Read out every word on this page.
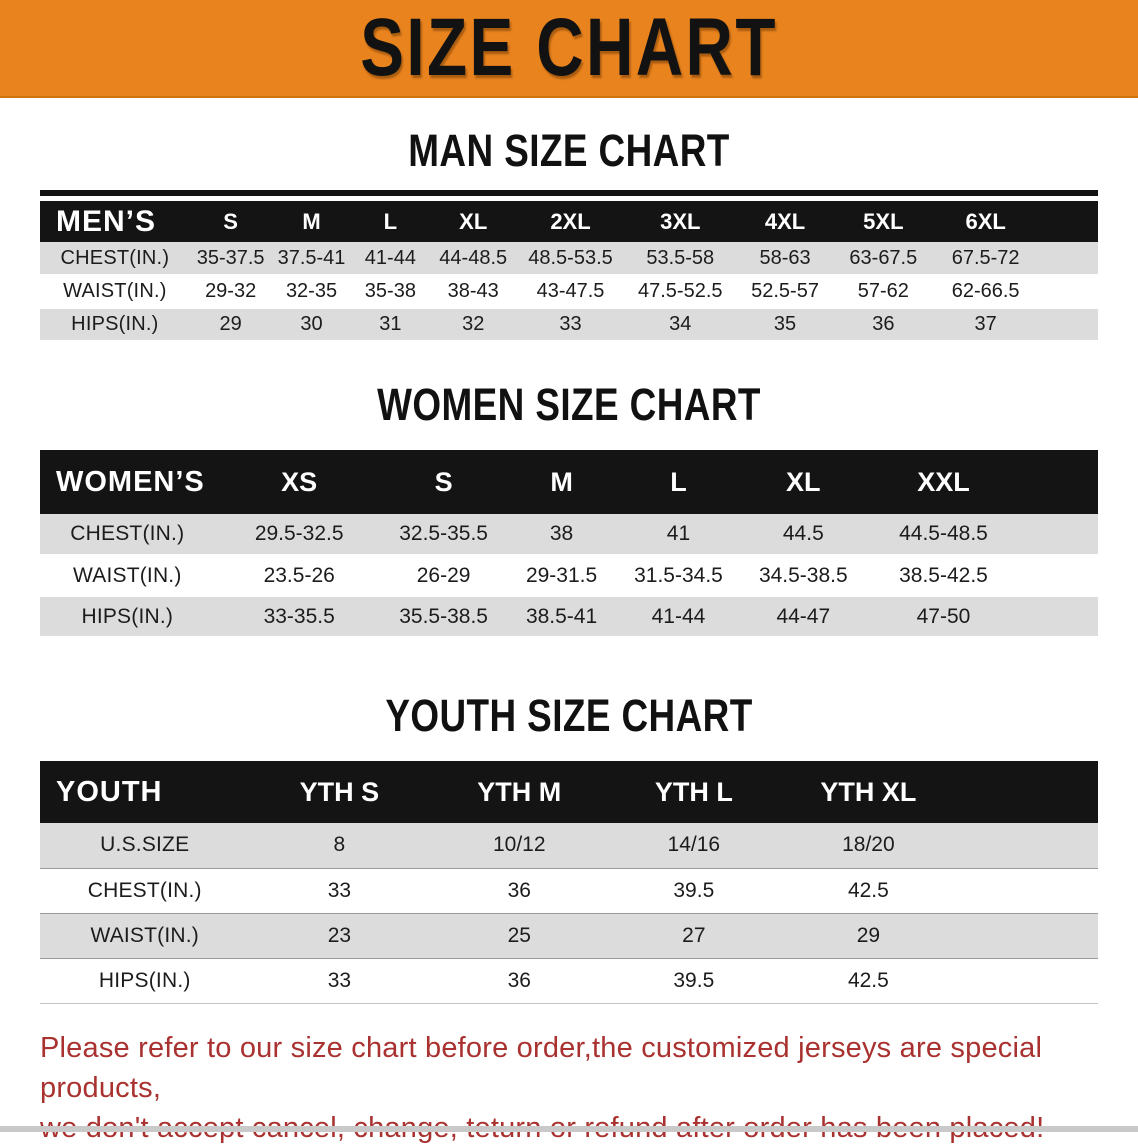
SIZE CHART
MAN SIZE CHART
MEN’S	S	M	L	XL	2XL	3XL	4XL	5XL	6XL	
CHEST(IN.)	35-37.5	37.5-41	41-44	44-48.5	48.5-53.5	53.5-58	58-63	63-67.5	67.5-72	
WAIST(IN.)	29-32	32-35	35-38	38-43	43-47.5	47.5-52.5	52.5-57	57-62	62-66.5	
HIPS(IN.)	29	30	31	32	33	34	35	36	37	
WOMEN SIZE CHART
WOMEN’S	XS	S	M	L	XL	XXL	
CHEST(IN.)	29.5-32.5	32.5-35.5	38	41	44.5	44.5-48.5	
WAIST(IN.)	23.5-26	26-29	29-31.5	31.5-34.5	34.5-38.5	38.5-42.5	
HIPS(IN.)	33-35.5	35.5-38.5	38.5-41	41-44	44-47	47-50	
YOUTH SIZE CHART
YOUTH	YTH S	YTH M	YTH L	YTH XL	
U.S.SIZE	8	10/12	14/16	18/20	
CHEST(IN.)	33	36	39.5	42.5	
WAIST(IN.)	23	25	27	29	
HIPS(IN.)	33	36	39.5	42.5	
Please refer to our size chart before order,the customized jerseys are special products,
